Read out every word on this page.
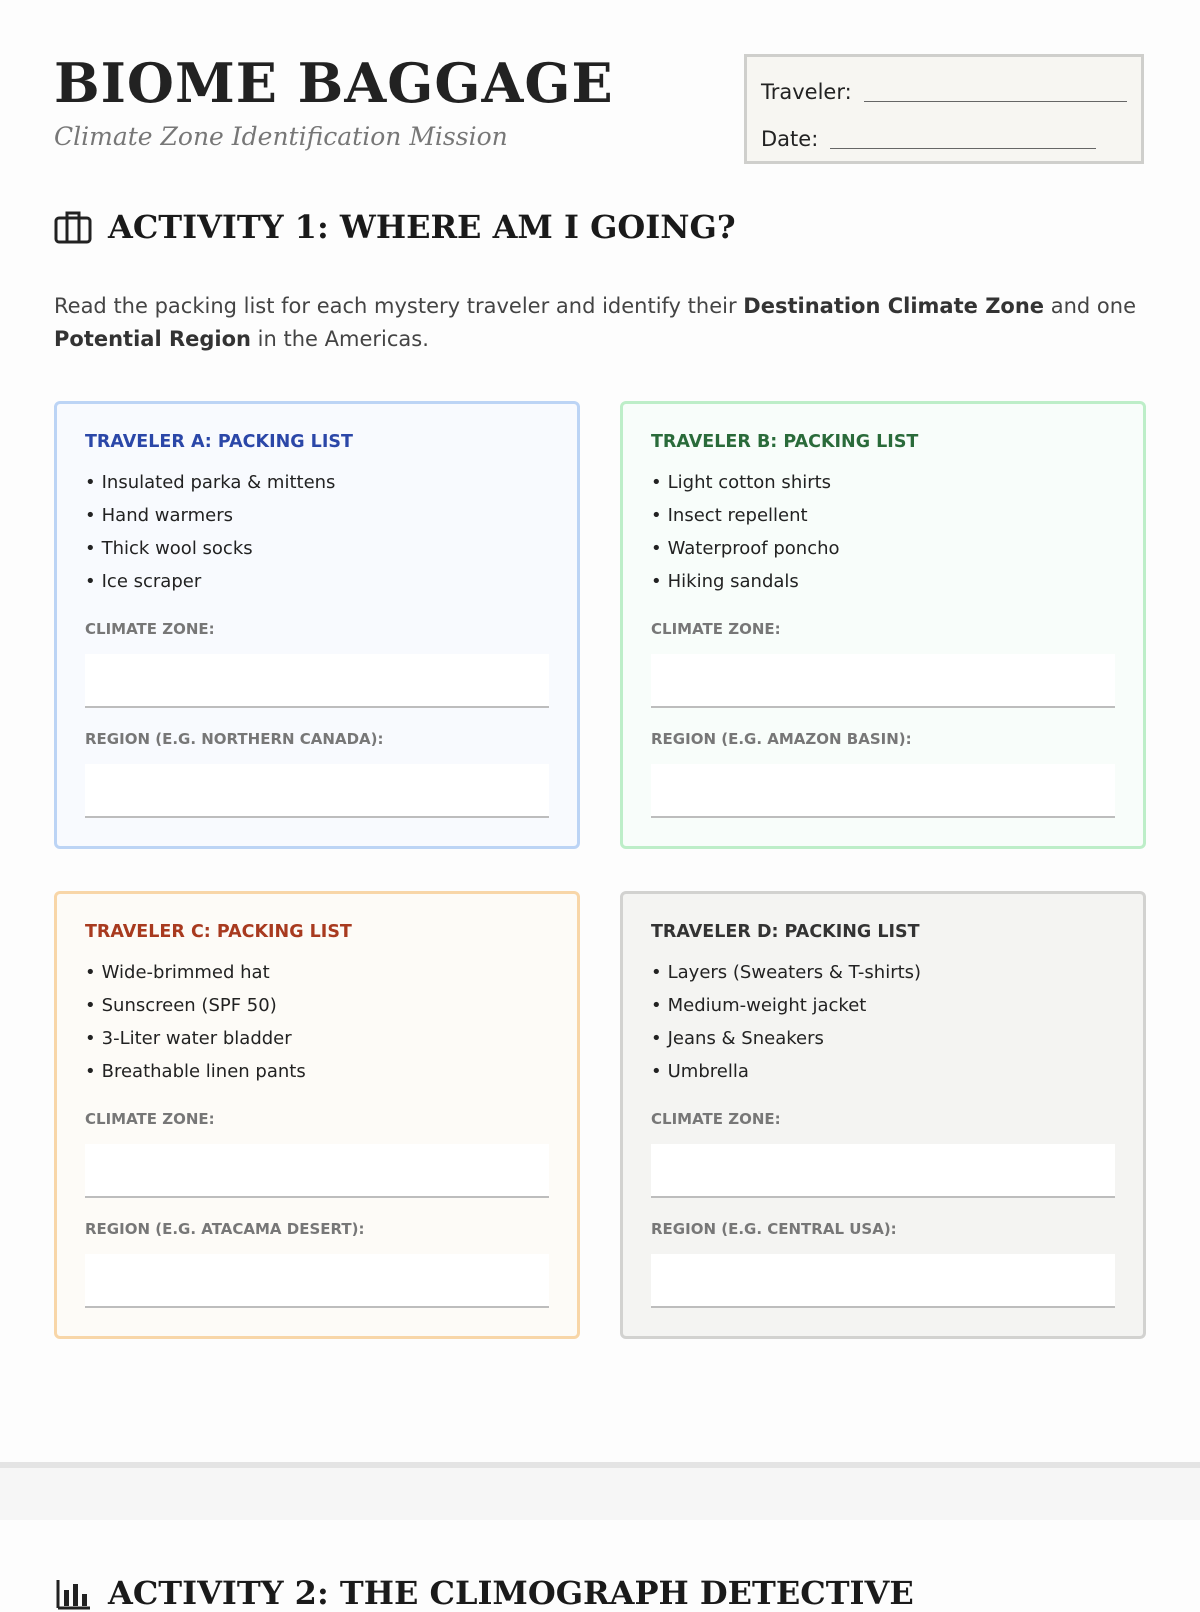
BIOME BAGGAGE
Climate Zone Identification Mission
Traveler:
Date:
ACTIVITY 1: WHERE AM I GOING?
Read the packing list for each mystery traveler and identify their Destination Climate Zone and one Potential Region in the Americas.
TRAVELER A: PACKING LIST
• Insulated parka & mittens
• Hand warmers
• Thick wool socks
• Ice scraper
CLIMATE ZONE:
REGION (E.G. NORTHERN CANADA):
TRAVELER B: PACKING LIST
• Light cotton shirts
• Insect repellent
• Waterproof poncho
• Hiking sandals
CLIMATE ZONE:
REGION (E.G. AMAZON BASIN):
TRAVELER C: PACKING LIST
• Wide-brimmed hat
• Sunscreen (SPF 50)
• 3-Liter water bladder
• Breathable linen pants
CLIMATE ZONE:
REGION (E.G. ATACAMA DESERT):
TRAVELER D: PACKING LIST
• Layers (Sweaters & T-shirts)
• Medium-weight jacket
• Jeans & Sneakers
• Umbrella
CLIMATE ZONE:
REGION (E.G. CENTRAL USA):
ACTIVITY 2: THE CLIMOGRAPH DETECTIVE
